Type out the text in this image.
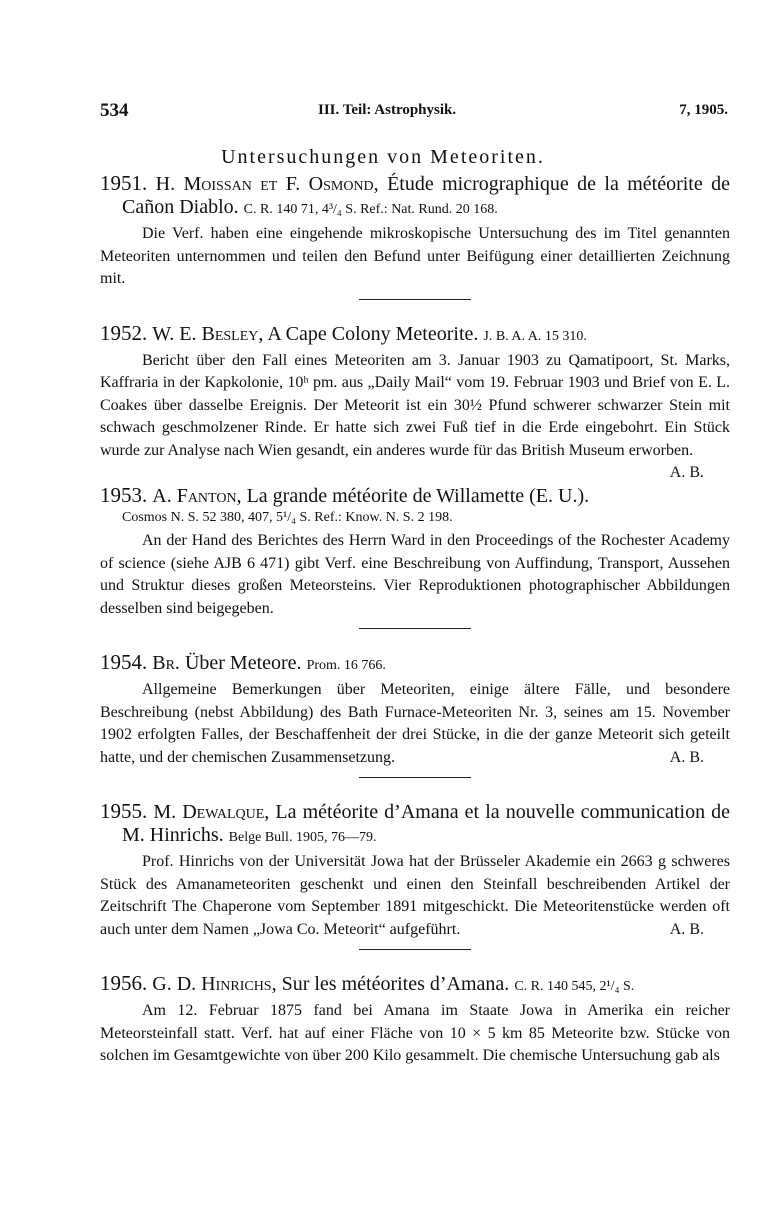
534	III. Teil: Astrophysik.	7, 1905.
Untersuchungen von Meteoriten.
1951. H. Moissan et F. Osmond, Étude micrographique de la météorite de Cañon Diablo. C. R. 140 71, 4³/₄ S. Ref.: Nat. Rund. 20 168.

Die Verf. haben eine eingehende mikroskopische Untersuchung des im Titel genannten Meteoriten unternommen und teilen den Befund unter Beifügung einer detaillierten Zeichnung mit.

1952. W. E. Besley, A Cape Colony Meteorite. J. B. A. A. 15 310.

Bericht über den Fall eines Meteoriten am 3. Januar 1903 zu Qamatipoort, St. Marks, Kaffraria in der Kapkolonie, 10ʰ pm. aus „Daily Mail“ vom 19. Februar 1903 und Brief von E. L. Coakes über dasselbe Ereignis. Der Meteorit ist ein 30½ Pfund schwerer schwarzer Stein mit schwach geschmolzener Rinde. Er hatte sich zwei Fuß tief in die Erde eingebohrt. Ein Stück wurde zur Analyse nach Wien gesandt, ein anderes wurde für das British Museum erworben.
A. B.

1953. A. Fanton, La grande météorite de Willamette (E. U.).
Cosmos N. S. 52 380, 407, 5¹/₄ S. Ref.: Know. N. S. 2 198.

An der Hand des Berichtes des Herrn Ward in den Proceedings of the Rochester Academy of science (siehe AJB 6 471) gibt Verf. eine Beschreibung von Auffindung, Transport, Aussehen und Struktur dieses großen Meteorsteins. Vier Reproduktionen photographischer Abbildungen desselben sind beigegeben.

1954. Br. Über Meteore. Prom. 16 766.

Allgemeine Bemerkungen über Meteoriten, einige ältere Fälle, und besondere Beschreibung (nebst Abbildung) des Bath Furnace-Meteoriten Nr. 3, seines am 15. November 1902 erfolgten Falles, der Beschaffenheit der drei Stücke, in die der ganze Meteorit sich geteilt hatte, und der chemischen Zusammensetzung.	A. B.

1955. M. Dewalque, La météorite d’Amana et la nouvelle communication de M. Hinrichs. Belge Bull. 1905, 76—79.

Prof. Hinrichs von der Universität Jowa hat der Brüsseler Akademie ein 2663 g schweres Stück des Amanameteoriten geschenkt und einen den Steinfall beschreibenden Artikel der Zeitschrift The Chaperone vom September 1891 mitgeschickt. Die Meteoritenstücke werden oft auch unter dem Namen „Jowa Co. Meteorit“ aufgeführt.	A. B.

1956. G. D. Hinrichs, Sur les météorites d’Amana. C. R. 140 545, 2¹/₄ S.

Am 12. Februar 1875 fand bei Amana im Staate Jowa in Amerika ein reicher Meteorsteinfall statt. Verf. hat auf einer Fläche von 10 × 5 km 85 Meteorite bzw. Stücke von solchen im Gesamtgewichte von über 200 Kilo gesammelt. Die chemische Untersuchung gab als
